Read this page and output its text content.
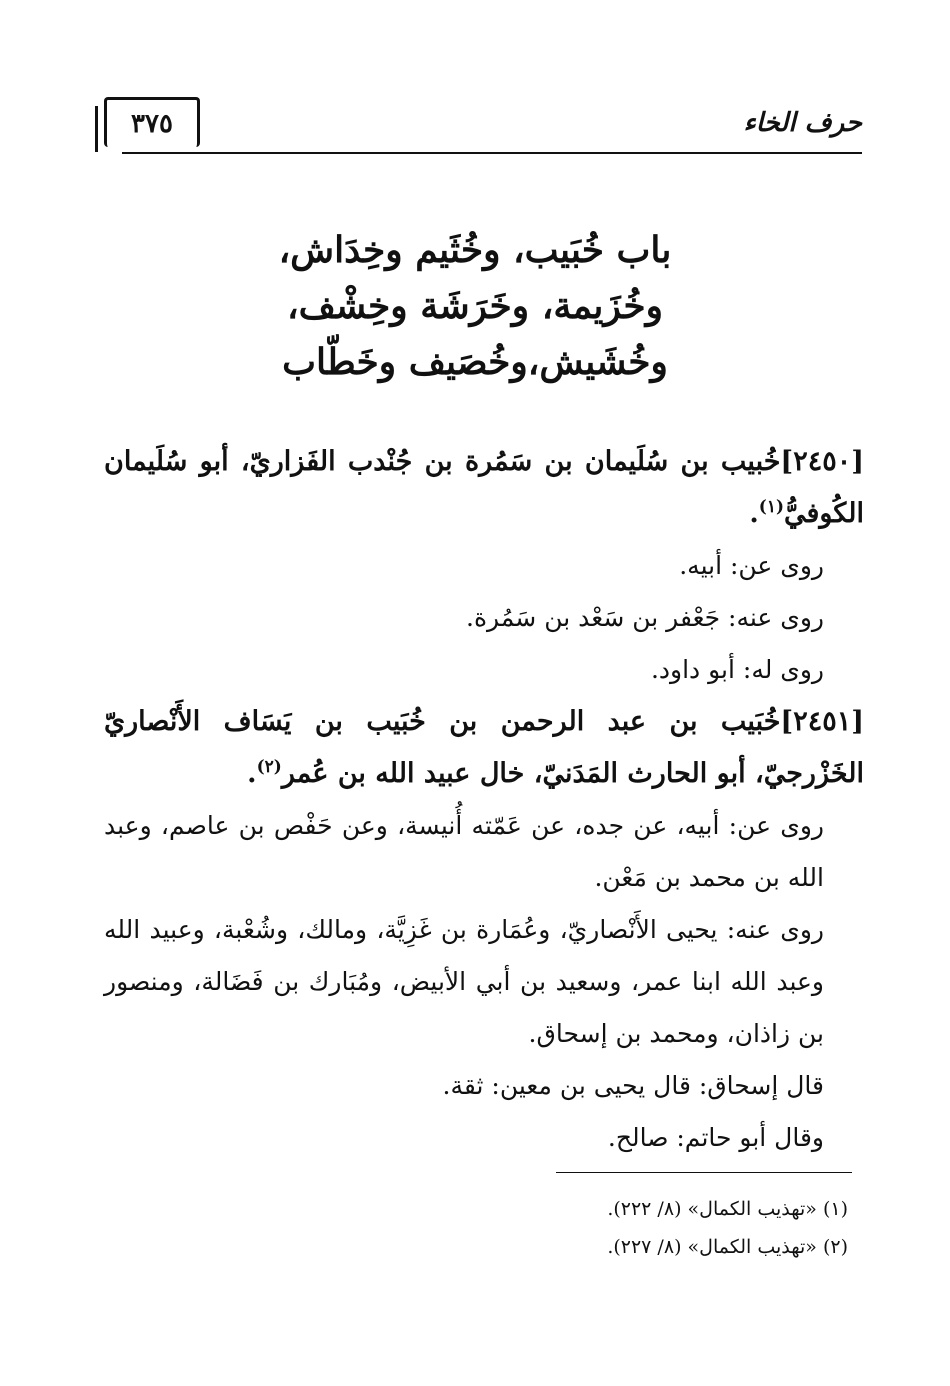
٣٧٥	حرف الخاء
باب خُبَيب، وخُثَيم وخِدَاش،
وخُزَيمة، وخَرَشَة وخِشْف،
وخُشَيش،وخُصَيف وخَطّاب

[٢٤٥٠]خُبيب بن سُلَيمان بن سَمُرة بن جُنْدب الفَزاريّ، أبو سُلَيمان الكُوفيُّ$^{(١)}$.

روى عن: أبيه.

روى عنه: جَعْفر بن سَعْد بن سَمُرة.

روى له: أبو داود.

[٢٤٥١]خُبَيب بن عبد الرحمن بن خُبَيب بن يَسَاف الأَنْصاريّ الخَزْرجيّ، أبو الحارث المَدَنيّ، خال عبيد الله بن عُمر$^{(٢)}$.

روى عن: أبيه، عن جده، عن عَمّته أُنيسة، وعن حَفْص بن عاصم، وعبد الله بن محمد بن مَعْن.

روى عنه: يحيى الأَنْصاريّ، وعُمَارة بن غَزِيَّة، ومالك، وشُعْبة، وعبيد الله وعبد الله ابنا عمر، وسعيد بن أبي الأبيض، ومُبَارك بن فَضَالة، ومنصور بن زاذان، ومحمد بن إسحاق.

قال إسحاق: قال يحيى بن معين: ثقة.

وقال أبو حاتم: صالح.

(١) «تهذيب الكمال» (٨/ ٢٢٢).
(٢) «تهذيب الكمال» (٨/ ٢٢٧).
